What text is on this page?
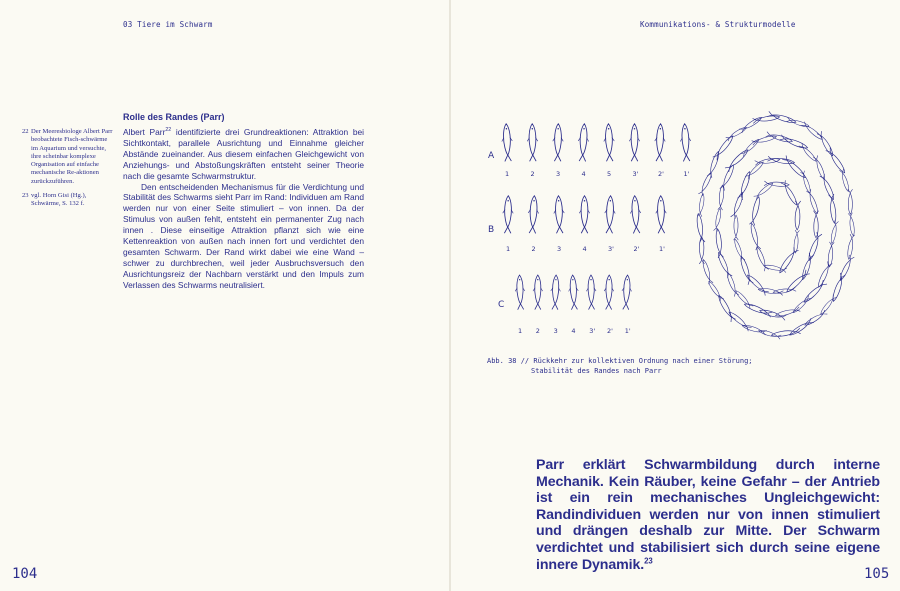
03 Tiere im Schwarm
22 Der Meeresbiologe Albert Parr beobachtete Fisch-schwärme im Aquarium und versuchte, ihre scheinbar komplexe Organisation auf einfache mechanische Re-aktionen zurückzuführen.
23 vgl. Horn Gisi (Hg.), Schwärme, S. 132 f.
Rolle des Randes (Parr)

Albert Parr$^{22}$ identifizierte drei Grundreaktionen: Attraktion bei Sichtkontakt, parallele Ausrichtung und Einnahme gleicher Abstände zueinander. Aus diesem einfachen Gleichgewicht von Anziehungs- und Abstoßungskräften entsteht seiner Theorie nach die gesamte Schwarmstruktur.

Den entscheidenden Mechanismus für die Verdichtung und Stabilität des Schwarms sieht Parr im Rand: Individuen am Rand werden nur von einer Seite stimuliert – von innen. Da der Stimulus von außen fehlt, entsteht ein permanenter Zug nach innen . Diese einseitige Attraktion pflanzt sich wie eine Kettenreaktion von außen nach innen fort und verdichtet den gesamten Schwarm. Der Rand wirkt dabei wie eine Wand – schwer zu durchbrechen, weil jeder Ausbruchsversuch den Ausrichtungsreiz der Nachbarn verstärkt und den Impuls zum Verlassen des Schwarms neutralisiert.

104
Kommunikations- & Strukturmodelle
105
A
1	2	3	4	5	3'	2'	1'
B
1	2	3	4	3'	2'	1'
C
1 2 3 4 3' 2' 1'
Abb. 38 // Rückkehr zur kollektiven Ordnung nach einer Störung;
Stabilität des Randes nach Parr
Parr erklärt Schwarmbildung durch interne Mechanik. Kein Räuber, keine Gefahr – der Antrieb ist ein rein mechanisches Ungleichgewicht: Randindividuen werden nur von innen stimuliert und drängen deshalb zur Mitte. Der Schwarm verdichtet und stabilisiert sich durch seine eigene innere Dynamik.$^{23}$
